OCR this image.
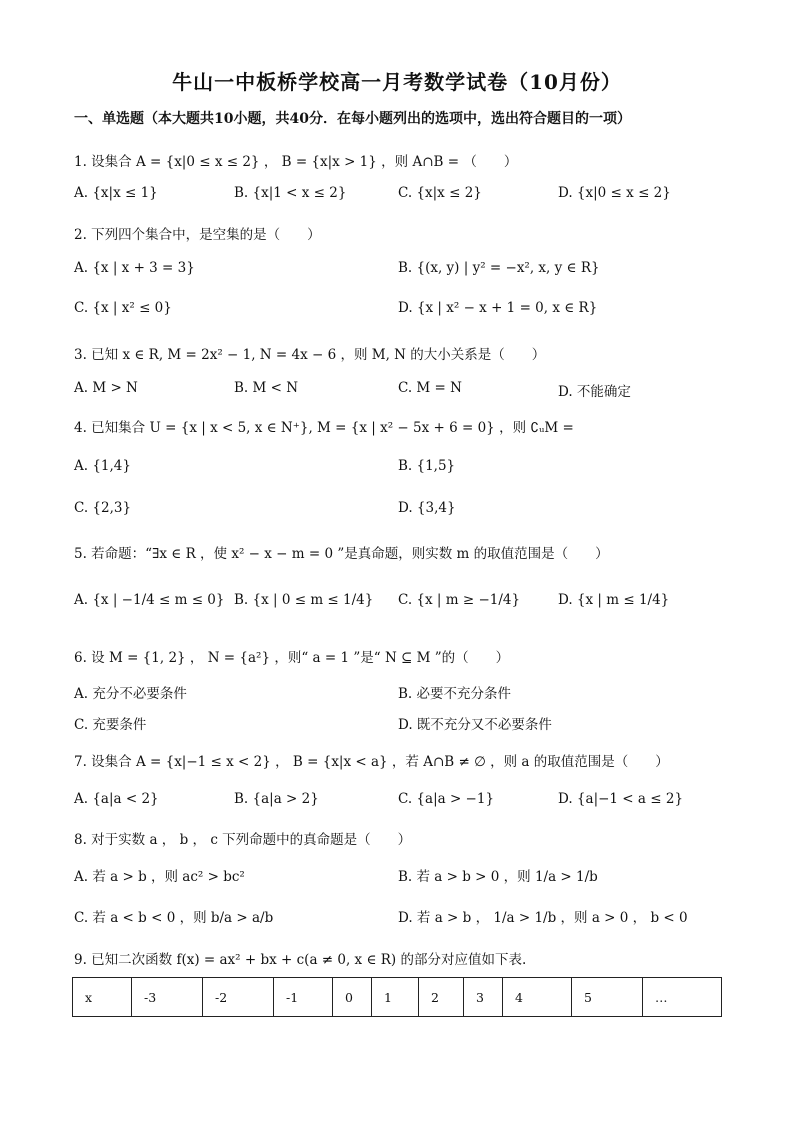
牛山一中板桥学校高一月考数学试卷（10月份）
一、单选题（本大题共10小题，共40分．在每小题列出的选项中，选出符合题目的一项）
1. 设集合 A = {x|0 ≤ x ≤ 2} ， B = {x|x > 1} ，则 A∩B = （　　）
A. {x|x ≤ 1}	B. {x|1 < x ≤ 2}	C. {x|x ≤ 2}	D. {x|0 ≤ x ≤ 2}
2. 下列四个集合中，是空集的是（　　）
A. {x | x + 3 = 3}	B. {(x, y) | y² = −x², x, y ∈ R}
C. {x | x² ≤ 0}	D. {x | x² − x + 1 = 0, x ∈ R}
3. 已知 x ∈ R, M = 2x² − 1, N = 4x − 6 ，则 M, N 的大小关系是（　　）
A. M > N	B. M < N	C. M = N	D. 不能确定
4. 已知集合 U = {x | x < 5, x ∈ N⁺}, M = {x | x² − 5x + 6 = 0} ，则 ∁ᵤM =
A. {1,4}	B. {1,5}
C. {2,3}	D. {3,4}
5. 若命题：“∃x ∈ R ，使 x² − x − m = 0 ”是真命题，则实数 m 的取值范围是（　　）
A. {x | −1/4 ≤ m ≤ 0} B. {x | 0 ≤ m ≤ 1/4} C. {x | m ≥ −1/4}	D. {x | m ≤ 1/4}
6. 设 M = {1, 2} ， N = {a²} ，则“ a = 1 ”是“ N ⊆ M ”的（　　）
A. 充分不必要条件	B. 必要不充分条件
C. 充要条件	D. 既不充分又不必要条件
7. 设集合 A = {x|−1 ≤ x < 2} ， B = {x|x < a} ，若 A∩B ≠ ∅ ，则 a 的取值范围是（　　）
A. {a|a < 2}	B. {a|a > 2}	C. {a|a > −1}	D. {a|−1 < a ≤ 2}
8. 对于实数 a ， b ， c 下列命题中的真命题是（　　）
A. 若 a > b ，则 ac² > bc²	B. 若 a > b > 0 ，则 1/a > 1/b
C. 若 a < b < 0 ，则 b/a > a/b	D. 若 a > b ， 1/a > 1/b ，则 a > 0 ， b < 0
9. 已知二次函数 f(x) = ax² + bx + c(a ≠ 0, x ∈ R) 的部分对应值如下表.
x	-3	-2	-1	0	1	2	3	4	5	…
